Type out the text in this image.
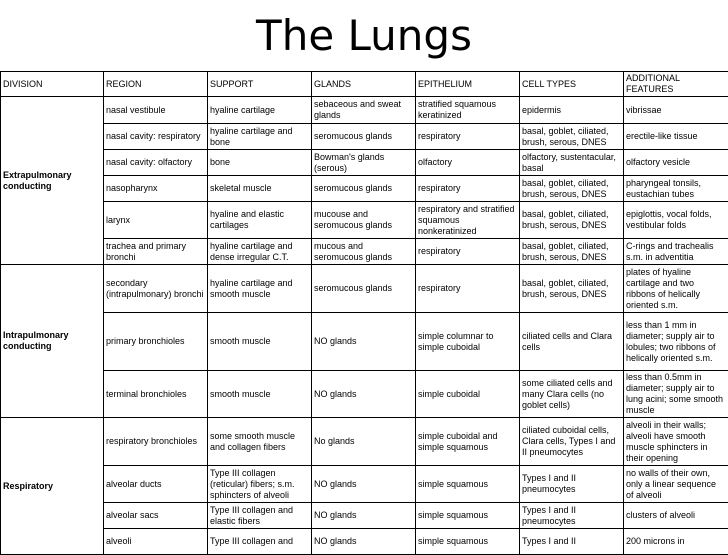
The Lungs
DIVISION	REGION	SUPPORT	GLANDS	EPITHELIUM	CELL TYPES	ADDITIONAL FEATURES
Extrapulmonary conducting	nasal vestibule	hyaline cartilage	sebaceous and sweat glands	stratified squamous keratinized	epidermis	vibrissae
	nasal cavity: respiratory	hyaline cartilage and bone	seromucous glands	respiratory	basal, goblet, ciliated, brush, serous, DNES	erectile-like tissue
	nasal cavity: olfactory	bone	Bowman's glands (serous)	olfactory	olfactory, sustentacular, basal	olfactory vesicle
	nasopharynx	skeletal muscle	seromucous glands	respiratory	basal, goblet, ciliated, brush, serous, DNES	pharyngeal tonsils, eustachian tubes
	larynx	hyaline and elastic cartilages	mucouse and seromucous glands	respiratory and stratified squamous nonkeratinized	basal, goblet, ciliated, brush, serous, DNES	epiglottis, vocal folds, vestibular folds
	trachea and primary bronchi	hyaline cartilage and dense irregular C.T.	mucous and seromucous glands	respiratory	basal, goblet, ciliated, brush, serous, DNES	C-rings and trachealis s.m. in adventitia
Intrapulmonary conducting	secondary (intrapulmonary) bronchi	hyaline cartilage and smooth muscle	seromucous glands	respiratory	basal, goblet, ciliated, brush, serous, DNES	plates of hyaline cartilage and two ribbons of helically oriented s.m.
	primary bronchioles	smooth muscle	NO glands	simple columnar to simple cuboidal	ciliated cells and Clara cells	less than 1 mm in diameter; supply air to lobules; two ribbons of helically oriented s.m.
	terminal bronchioles	smooth muscle	NO glands	simple cuboidal	some ciliated cells and many Clara cells (no goblet cells)	less than 0.5mm in diameter; supply air to lung acini; some smooth muscle
Respiratory	respiratory bronchioles	some smooth muscle and collagen fibers	No glands	simple cuboidal and simple squamous	ciliated cuboidal cells, Clara cells, Types I and II pneumocytes	alveoli in their walls; alveoli have smooth muscle sphincters in their opening
	alveolar ducts	Type III collagen (reticular) fibers; s.m. sphincters of alveoli	NO glands	simple squamous	Types I and II pneumocytes	no walls of their own, only a linear sequence of alveoli
	alveolar sacs	Type III collagen and elastic fibers	NO glands	simple squamous	Types I and II pneumocytes	clusters of alveoli
	alveoli	Type III collagen and	NO glands	simple squamous	Types I and II	200 microns in
